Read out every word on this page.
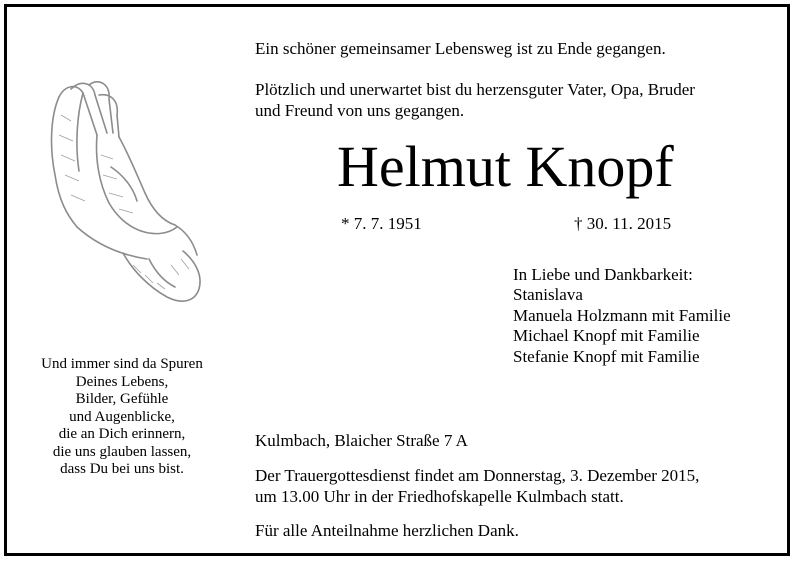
Ein schöner gemeinsamer Lebensweg ist zu Ende gegangen.
Plötzlich und unerwartet bist du herzensguter Vater, Opa, Bruder
und Freund von uns gegangen.
Helmut Knopf
* 7. 7. 1951	† 30. 11. 2015
In Liebe und Dankbarkeit:
Stanislava
Manuela Holzmann mit Familie
Michael Knopf mit Familie
Stefanie Knopf mit Familie
Und immer sind da Spuren
Deines Lebens,
Bilder, Gefühle
und Augenblicke,
die an Dich erinnern,
die uns glauben lassen,
dass Du bei uns bist.
Kulmbach, Blaicher Straße 7 A
Der Trauergottesdienst findet am Donnerstag, 3. Dezember 2015,
um 13.00 Uhr in der Friedhofskapelle Kulmbach statt.
Für alle Anteilnahme herzlichen Dank.
